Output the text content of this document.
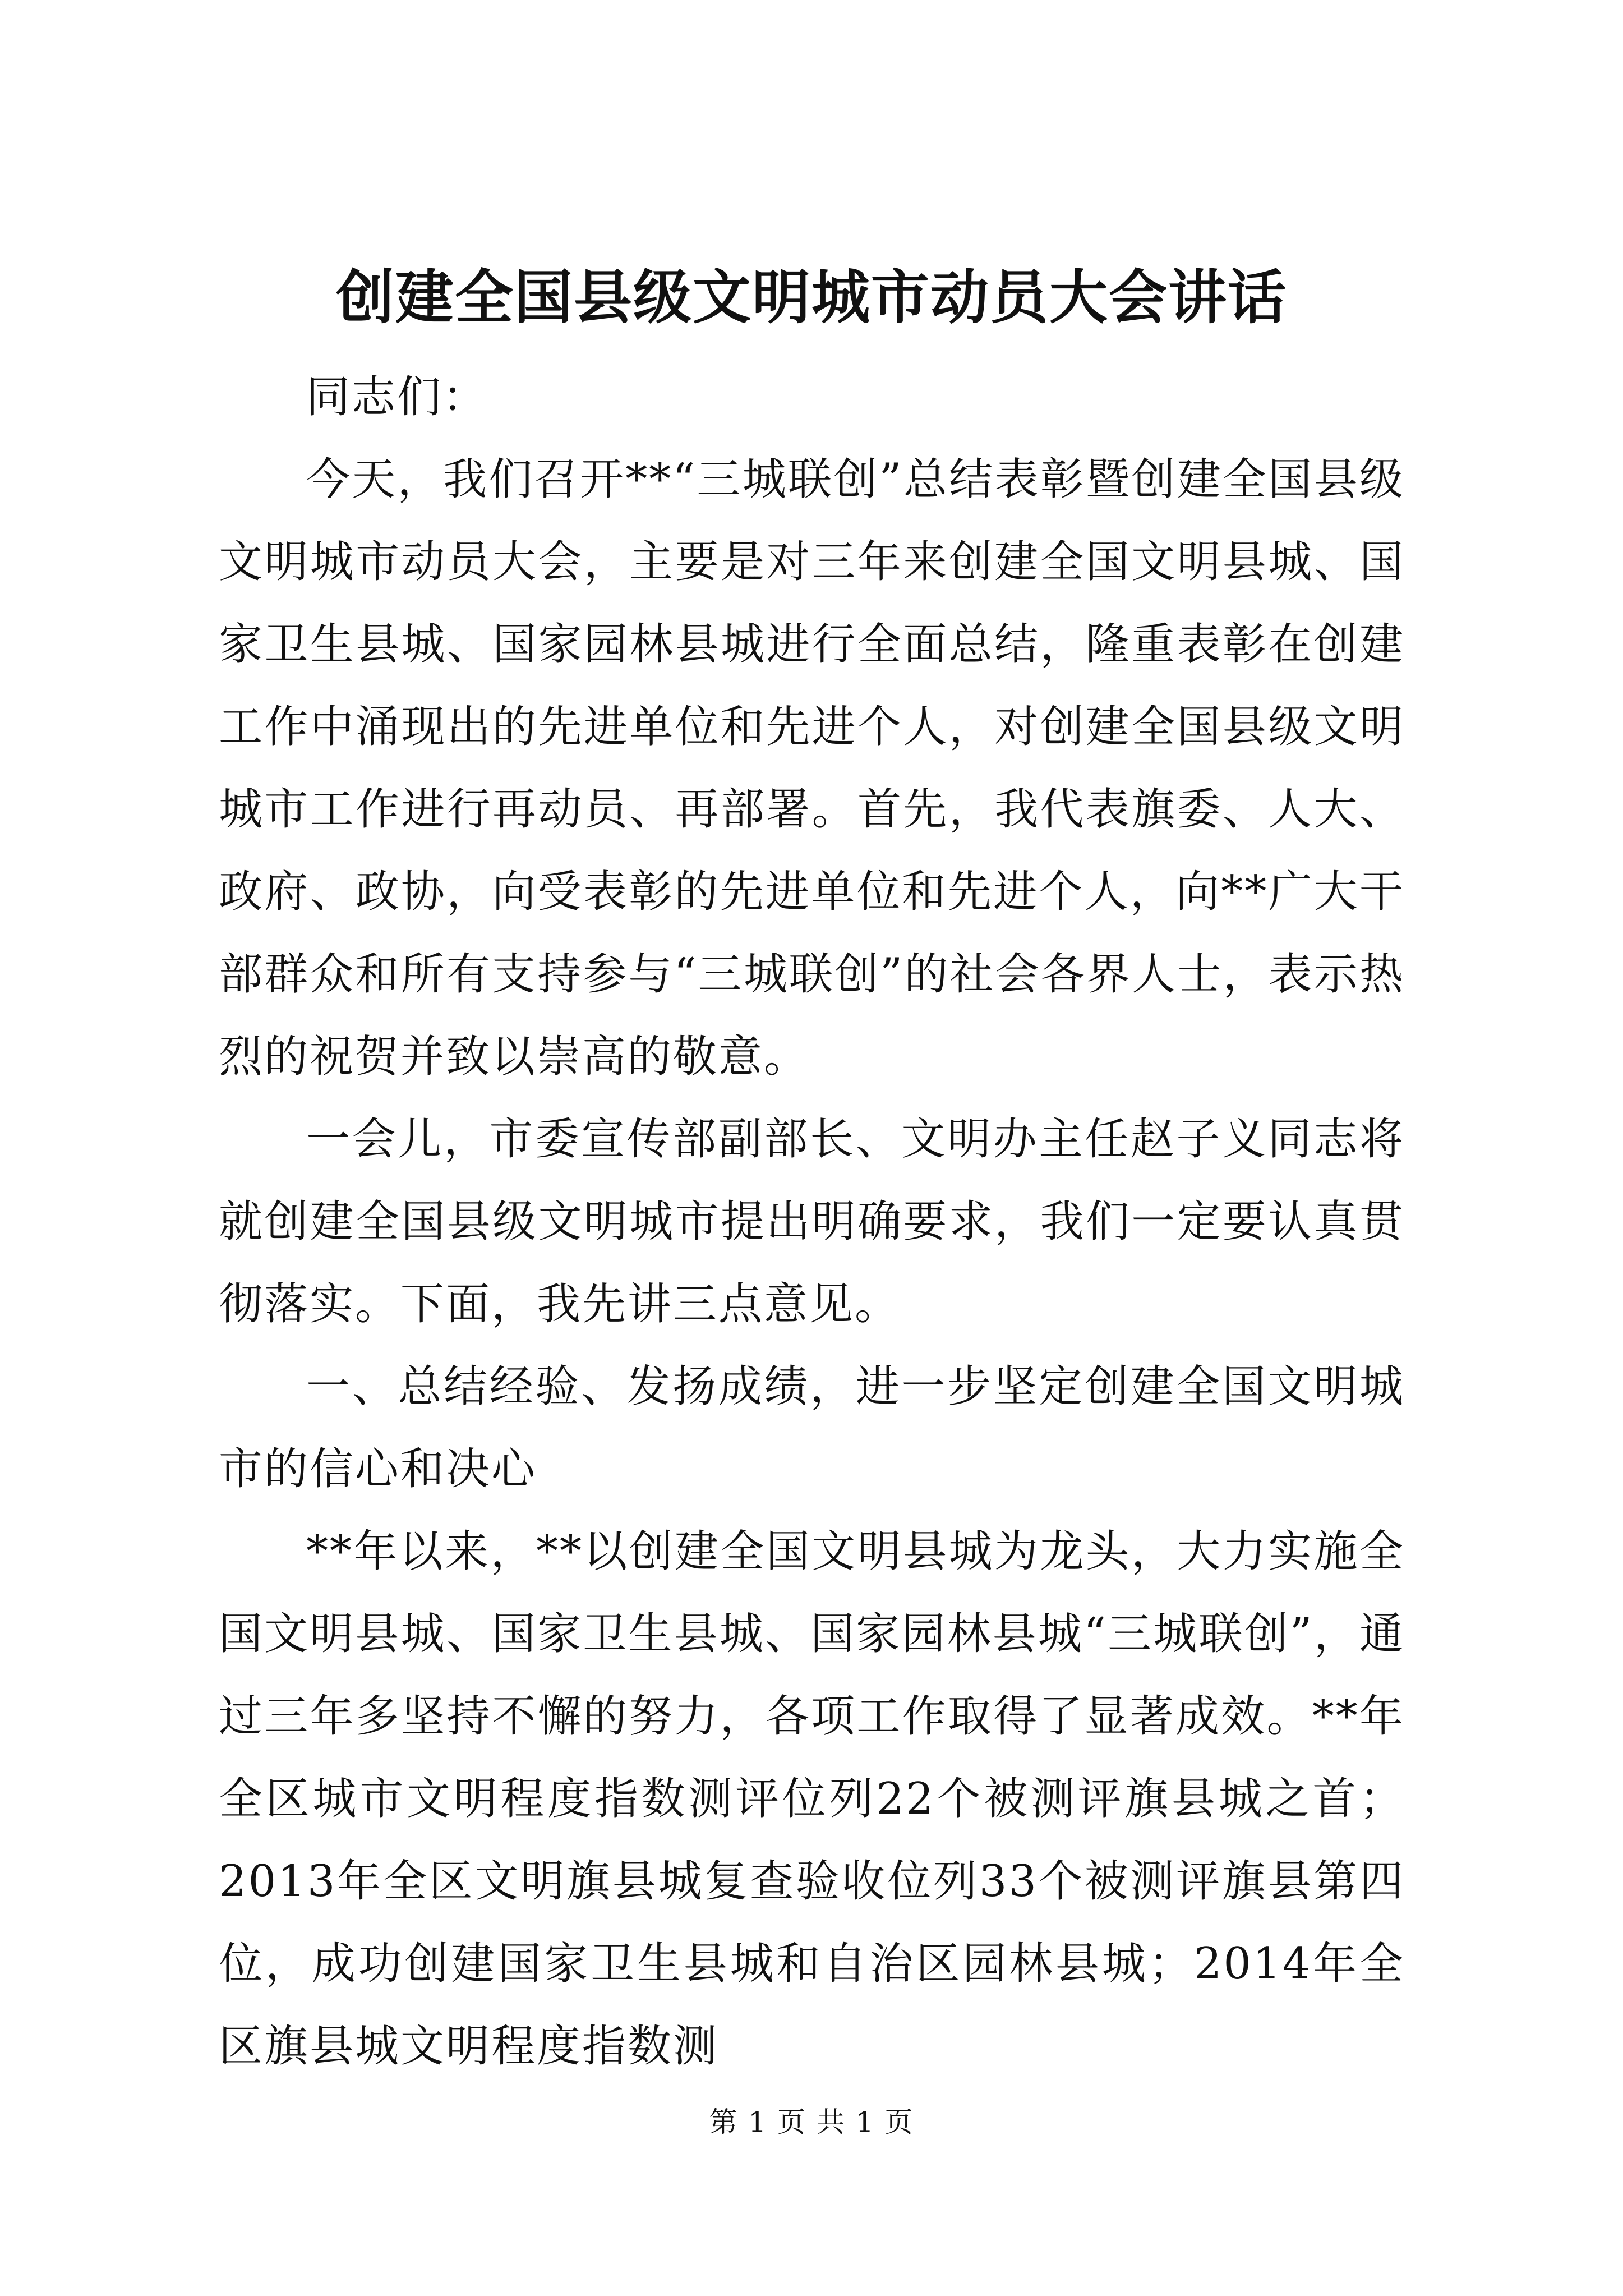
创建全国县级文明城市动员大会讲话

同志们：

今天，我们召开**“三城联创”总结表彰暨创建全国县级文明城市动员大会，主要是对三年来创建全国文明县城、国家卫生县城、国家园林县城进行全面总结，隆重表彰在创建工作中涌现出的先进单位和先进个人，对创建全国县级文明城市工作进行再动员、再部署。首先，我代表旗委、人大、政府、政协，向受表彰的先进单位和先进个人，向**广大干部群众和所有支持参与“三城联创”的社会各界人士，表示热烈的祝贺并致以崇高的敬意。

一会儿，市委宣传部副部长、文明办主任赵子义同志将就创建全国县级文明城市提出明确要求，我们一定要认真贯彻落实。下面，我先讲三点意见。

一、总结经验、发扬成绩，进一步坚定创建全国文明城市的信心和决心

**年以来，**以创建全国文明县城为龙头，大力实施全国文明县城、国家卫生县城、国家园林县城“三城联创”，通过三年多坚持不懈的努力，各项工作取得了显著成效。**年全区城市文明程度指数测评位列22个被测评旗县城之首；2013年全区文明旗县城复查验收位列33个被测评旗县第四位，成功创建国家卫生县城和自治区园林县城；2014年全区旗县城文明程度指数测

第 1 页 共 1 页
